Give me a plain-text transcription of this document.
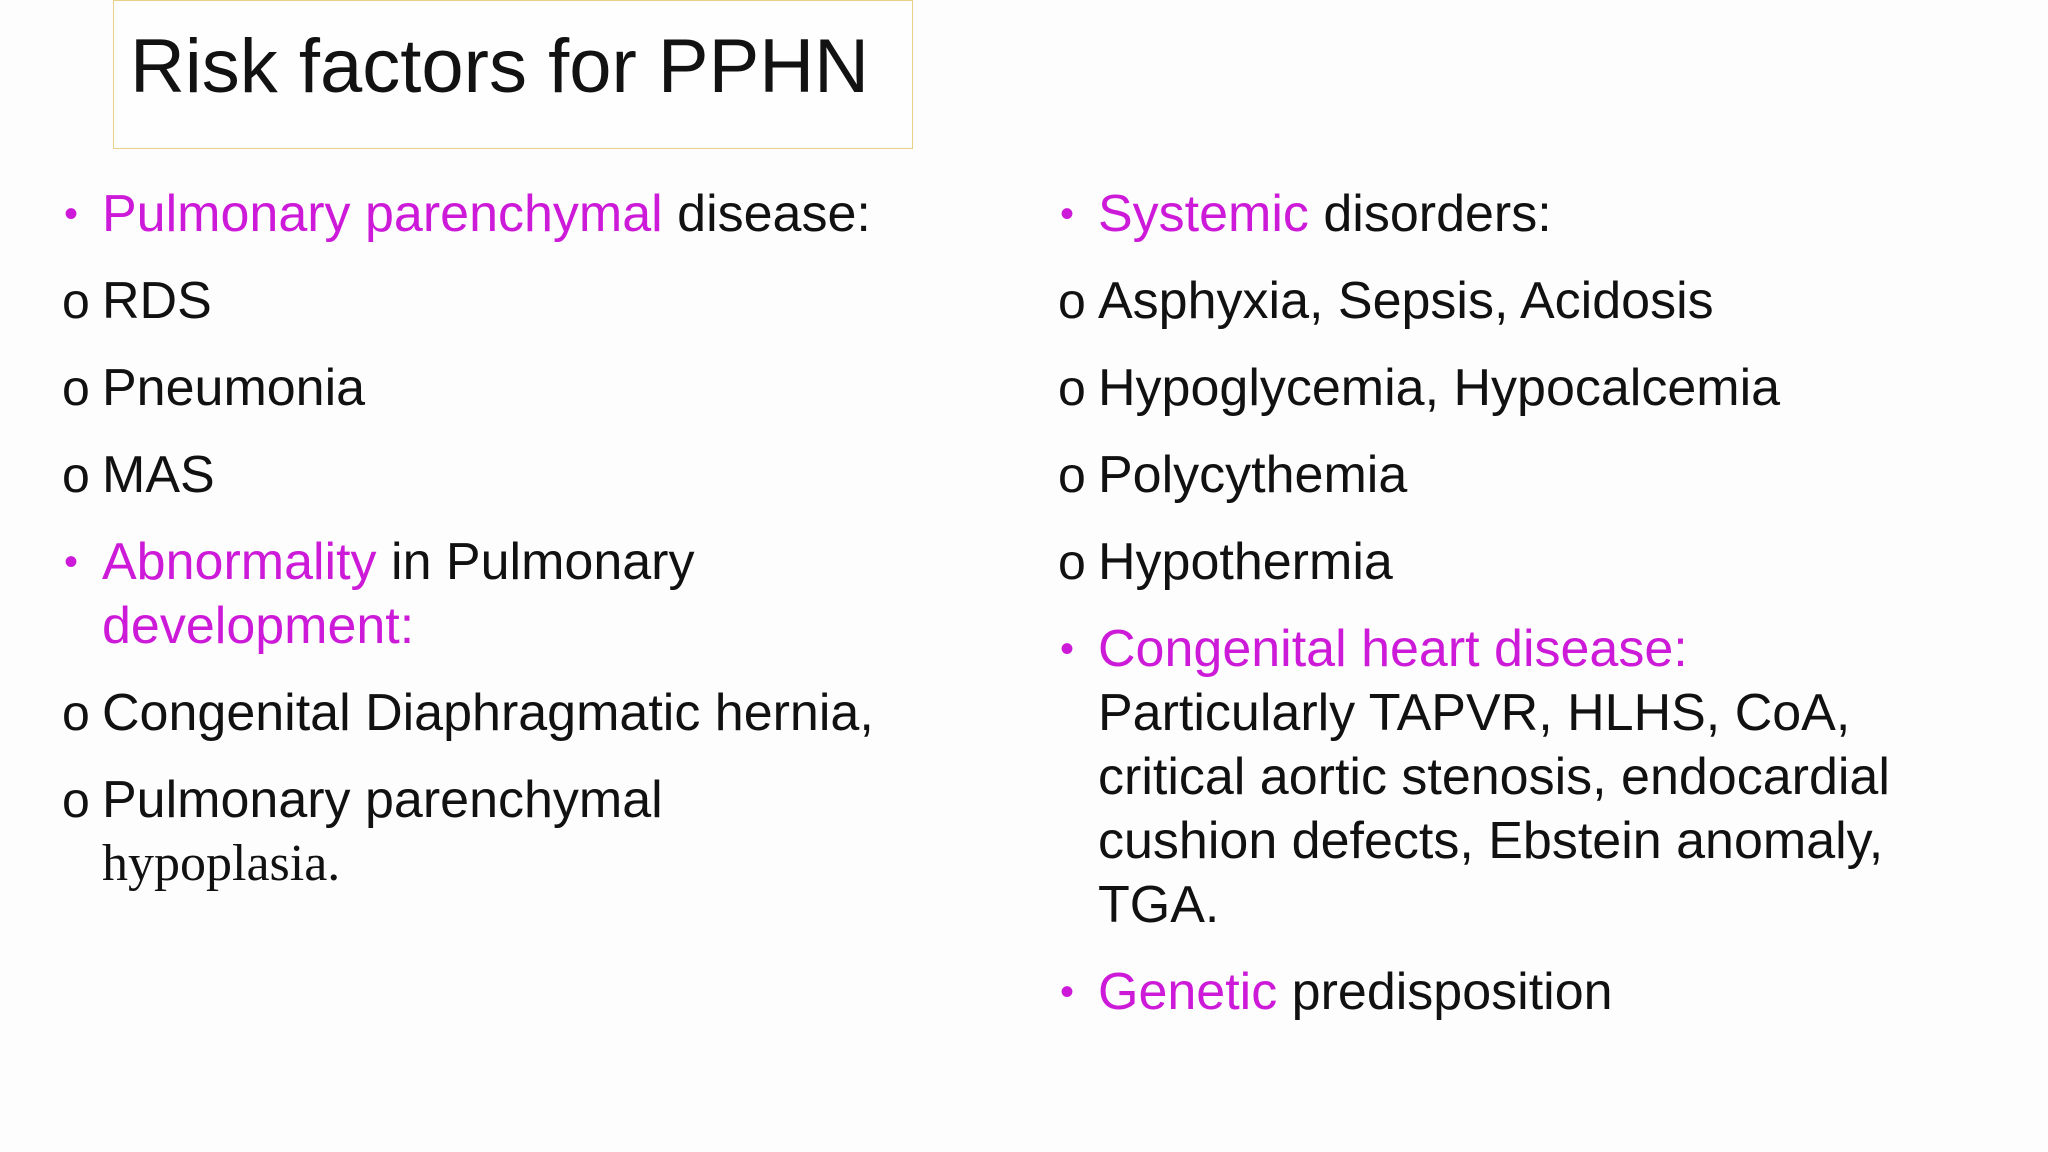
Risk factors for PPHN
• Pulmonary parenchymal disease:
o RDS
o Pneumonia
o MAS
• Abnormality in Pulmonary
development:
o Congenital Diaphragmatic hernia,
o Pulmonary parenchymal
hypoplasia.
• Systemic disorders:
o Asphyxia, Sepsis, Acidosis
o Hypoglycemia, Hypocalcemia
o Polycythemia
o Hypothermia
• Congenital heart disease:
Particularly TAPVR, HLHS, CoA,
critical aortic stenosis, endocardial
cushion defects, Ebstein anomaly,
TGA.
• Genetic predisposition
